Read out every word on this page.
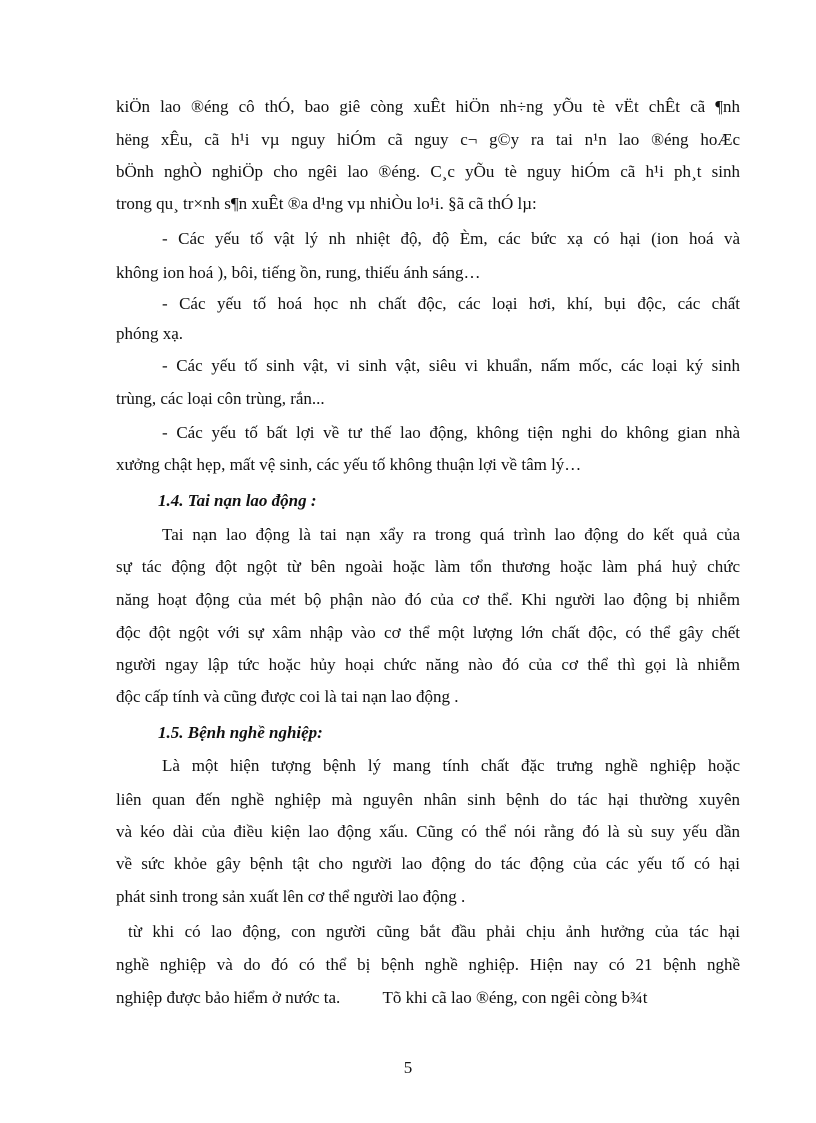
kiÖn lao ®éng cô thÓ, bao giê còng xuÊt hiÖn nh÷ng yÕu tè vËt chÊt cã ¶nh
hëng xÊu, cã h¹i vµ nguy hiÓm cã nguy c¬ g©y ra tai n¹n lao ®éng hoÆc
bÖnh nghÒ nghiÖp cho ngêi lao ®éng. C¸c yÕu tè nguy hiÓm cã h¹i ph¸t sinh
trong qu¸ tr×nh s¶n xuÊt ®a d¹ng vµ nhiÒu lo¹i. §ã cã thÓ lµ:
- Các yếu tố vật lý nh nhiệt độ, độ Èm, các bức xạ có hại (ion hoá và
không ion hoá ), bôi, tiếng ồn, rung, thiếu ánh sáng…
- Các yếu tố hoá học nh chất độc, các loại hơi, khí, bụi độc, các chất
phóng xạ.
- Các yếu tố sinh vật, vi sinh vật, siêu vi khuẩn, nấm mốc, các loại ký sinh
trùng, các loại côn trùng, rắn...
- Các yếu tố bất lợi về tư thế lao động, không tiện nghi do không gian nhà
xưởng chật hẹp, mất vệ sinh, các yếu tố không thuận lợi về tâm lý…
1.4. Tai nạn lao động :
Tai nạn lao động là tai nạn xẩy ra trong quá trình lao động do kết quả của
sự tác động đột ngột từ bên ngoài hoặc làm tổn thương hoặc làm phá huỷ chức
năng hoạt động của mét bộ phận nào đó của cơ thể. Khi người lao động bị nhiễm
độc đột ngột với sự xâm nhập vào cơ thể một lượng lớn chất độc, có thể gây chết
người ngay lập tức hoặc hủy hoại chức năng nào đó của cơ thể thì gọi là nhiễm
độc cấp tính và cũng được coi là tai nạn lao động .
1.5. Bệnh nghề nghiệp:
Là một hiện tượng bệnh lý mang tính chất đặc trưng nghề nghiệp hoặc
liên quan đến nghề nghiệp mà nguyên nhân sinh bệnh do tác hại thường xuyên
và kéo dài của điều kiện lao động xấu. Cũng có thể nói rằng đó là sù suy yếu dần
về sức khỏe gây bệnh tật cho người lao động do tác động của các yếu tố có hại
phát sinh trong sản xuất lên cơ thể người lao động .
từ khi có lao động, con người cũng bắt đầu phải chịu ảnh hưởng của tác hại
nghề nghiệp và do đó có thể bị bệnh nghề nghiệp. Hiện nay có 21 bệnh nghề
nghiệp được bảo hiểm ở nước ta.          Tõ khi cã lao ®éng, con ngêi còng b¾t
5
